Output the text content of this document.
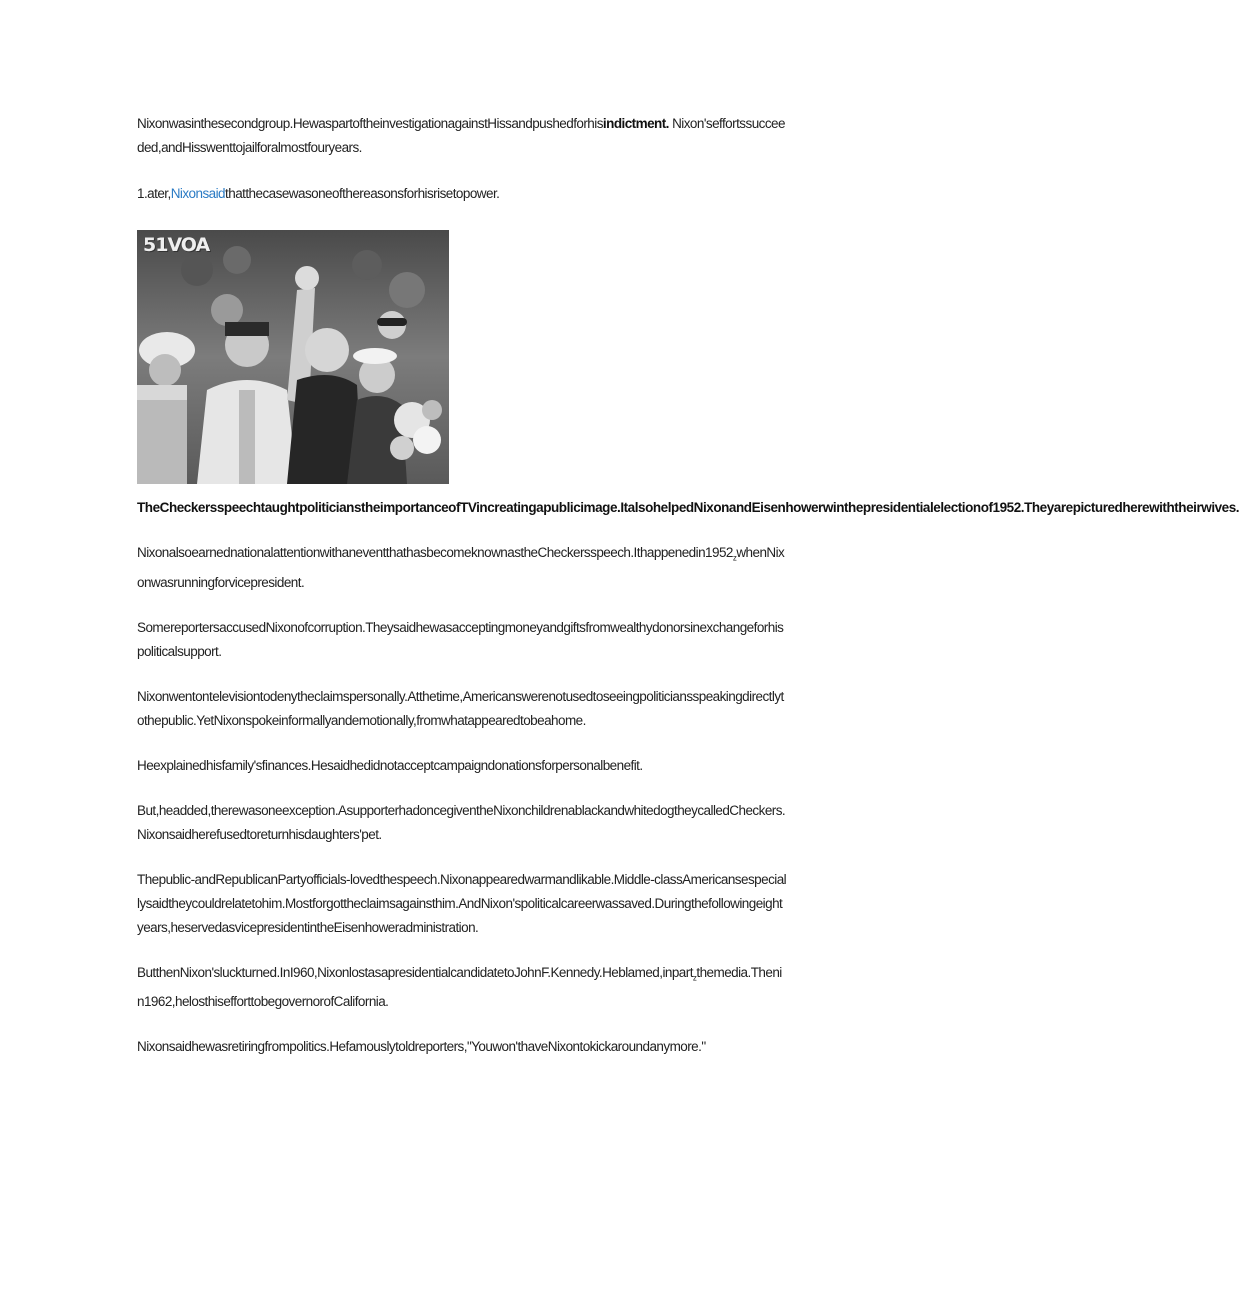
Nixonwasinthesecondgroup.HewaspartoftheinvestigationagainstHissandpushedforhisindictment. Nixon'seffortssucceeded,andHisswenttojailforalmostfouryears.

1.ater,Nixonsaidthatthecasewasoneofthereasonsforhisrisetopower.

51VOA
TheCheckersspeechtaughtpoliticianstheimportanceofTVincreatingapublicimage.ItalsohelpedNixonandEisenhowerwinthepresidentialelectionof1952.Theyarepicturedherewiththeirwives.

$NixonalsoearnednationalattentionwithaneventthathasbecomeknownastheCheckersspeech.Ithappenedin1952_zwhenNixonwasrunningfor$vicepresident.

SomereportersaccusedNixonofcorruption.Theysaidhewasacceptingmoneyandgiftsfromwealthydonorsinexchangeforhispoliticalsupport.

Nixonwentontelevisiontodenytheclaimspersonally.Atthetime,Americanswerenotusedtoseeingpoliticiansspeakingdirectlytothepublic.YetNixonspokeinformallyandemotionally,fromwhatappearedtobeahome.

Heexplainedhisfamily'sfinances.Hesaidhedidnotacceptcampaigndonationsforpersonalbenefit.

But,headded,therewasoneexception.AsupporterhadoncegiventheNixonchildrenablackandwhitedogtheycalledCheckers.Nixonsaidherefusedtoreturnhisdaughters'pet.

Thepublic-andRepublicanPartyofficials-lovedthespeech.Nixonappearedwarmandlikable.Middle-classAmericansespeciallysaidtheycouldrelatetohim.Mostforgottheclaimsagainsthim.AndNixon'spoliticalcareerwassaved.Duringthefollowingeightyears,heservedasvicepresidentintheEisenhoweradministration.

ButthenNixon'sluckturned.InI960,NixonlostasapresidentialcandidatetoJohnF.Kennedy.Heblamed,inpart$_z$themedia.Thenin1962,helosthisefforttobegovernorofCalifornia.

Nixonsaidhewasretiringfrompolitics.Hefamouslytoldreporters,"Youwon'thaveNixontokickaroundanymore."
